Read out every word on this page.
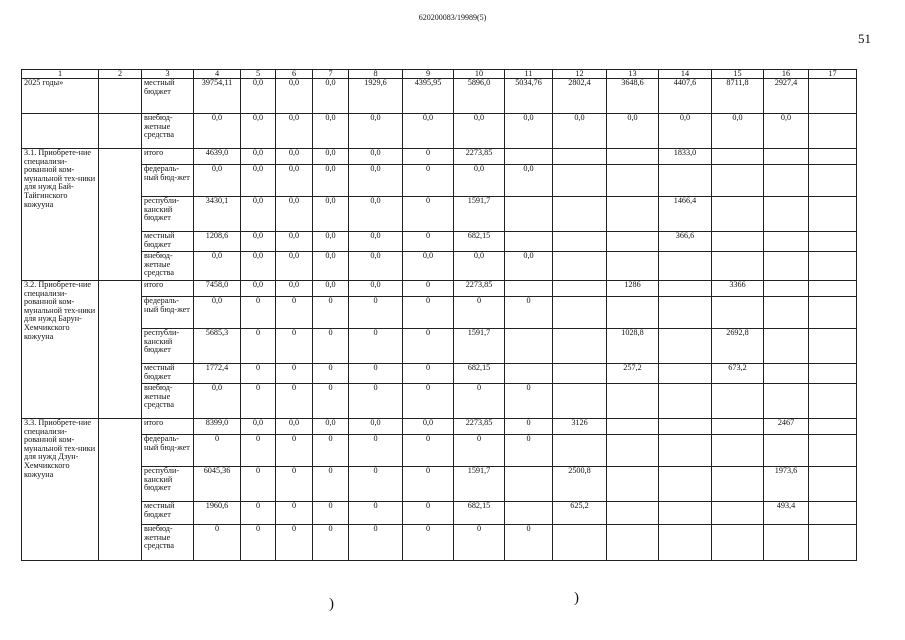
620200083/19989(5)
51
1	2	3	4	5	6	7	8	9	10	11	12	13	14	15	16	17
2025 годы»		местный бюджет	39754,11	0,0	0,0	0,0	1929,6	4395,95	5896,0	5034,76	2802,4	3648,6	4407,6	8711,8	2927,4	
		внебюд-жетные средства	0,0	0,0	0,0	0,0	0,0	0,0	0,0	0,0	0,0	0,0	0,0	0,0	0,0	
3.1. Приобрете-ние специализи-рованной ком-мунальной тех-ники для нужд Бай-Тайгинского кожууна		итого	4639,0	0,0	0,0	0,0	0,0	0	2273,85				1833,0			
		федераль-ный бюд-жет	0,0	0,0	0,0	0,0	0,0	0	0,0	0,0						
		республи-канский бюджет	3430,1	0,0	0,0	0,0	0,0	0	1591,7				1466,4			
		местный бюджет	1208,6	0,0	0,0	0,0	0,0	0	682,15				366,6			
		внебюд-жетные средства	0,0	0,0	0,0	0,0	0,0	0,0	0,0	0,0						
3.2. Приобрете-ние специализи-рованной ком-мунальной тех-ники для нужд Барун-Хемчикского кожууна		итого	7458,0	0,0	0,0	0,0	0,0	0	2273,85			1286		3366		
		федераль-ный бюд-жет	0,0	0	0	0	0	0	0	0						
		республи-канский бюджет	5685,3	0	0	0	0	0	1591,7			1028,8		2692,8		
		местный бюджет	1772,4	0	0	0	0	0	682,15			257,2		673,2		
		внебюд-жетные средства	0,0	0	0	0	0	0	0	0						
3.3. Приобрете-ние специализи-рованной ком-мунальной тех-ники для нужд Дзун-Хемчикского кожууна		итого	8399,0	0,0	0,0	0,0	0,0	0,0	2273,85	0	3126				2467	
		федераль-ный бюд-жет	0	0	0	0	0	0	0	0						
		республи-канский бюджет	6045,36	0	0	0	0	0	1591,7		2500,8				1973,6	
		местный бюджет	1960,6	0	0	0	0	0	682,15		625,2				493,4	
		внебюд-жетные средства	0	0	0	0	0	0	0	0						
)	)
